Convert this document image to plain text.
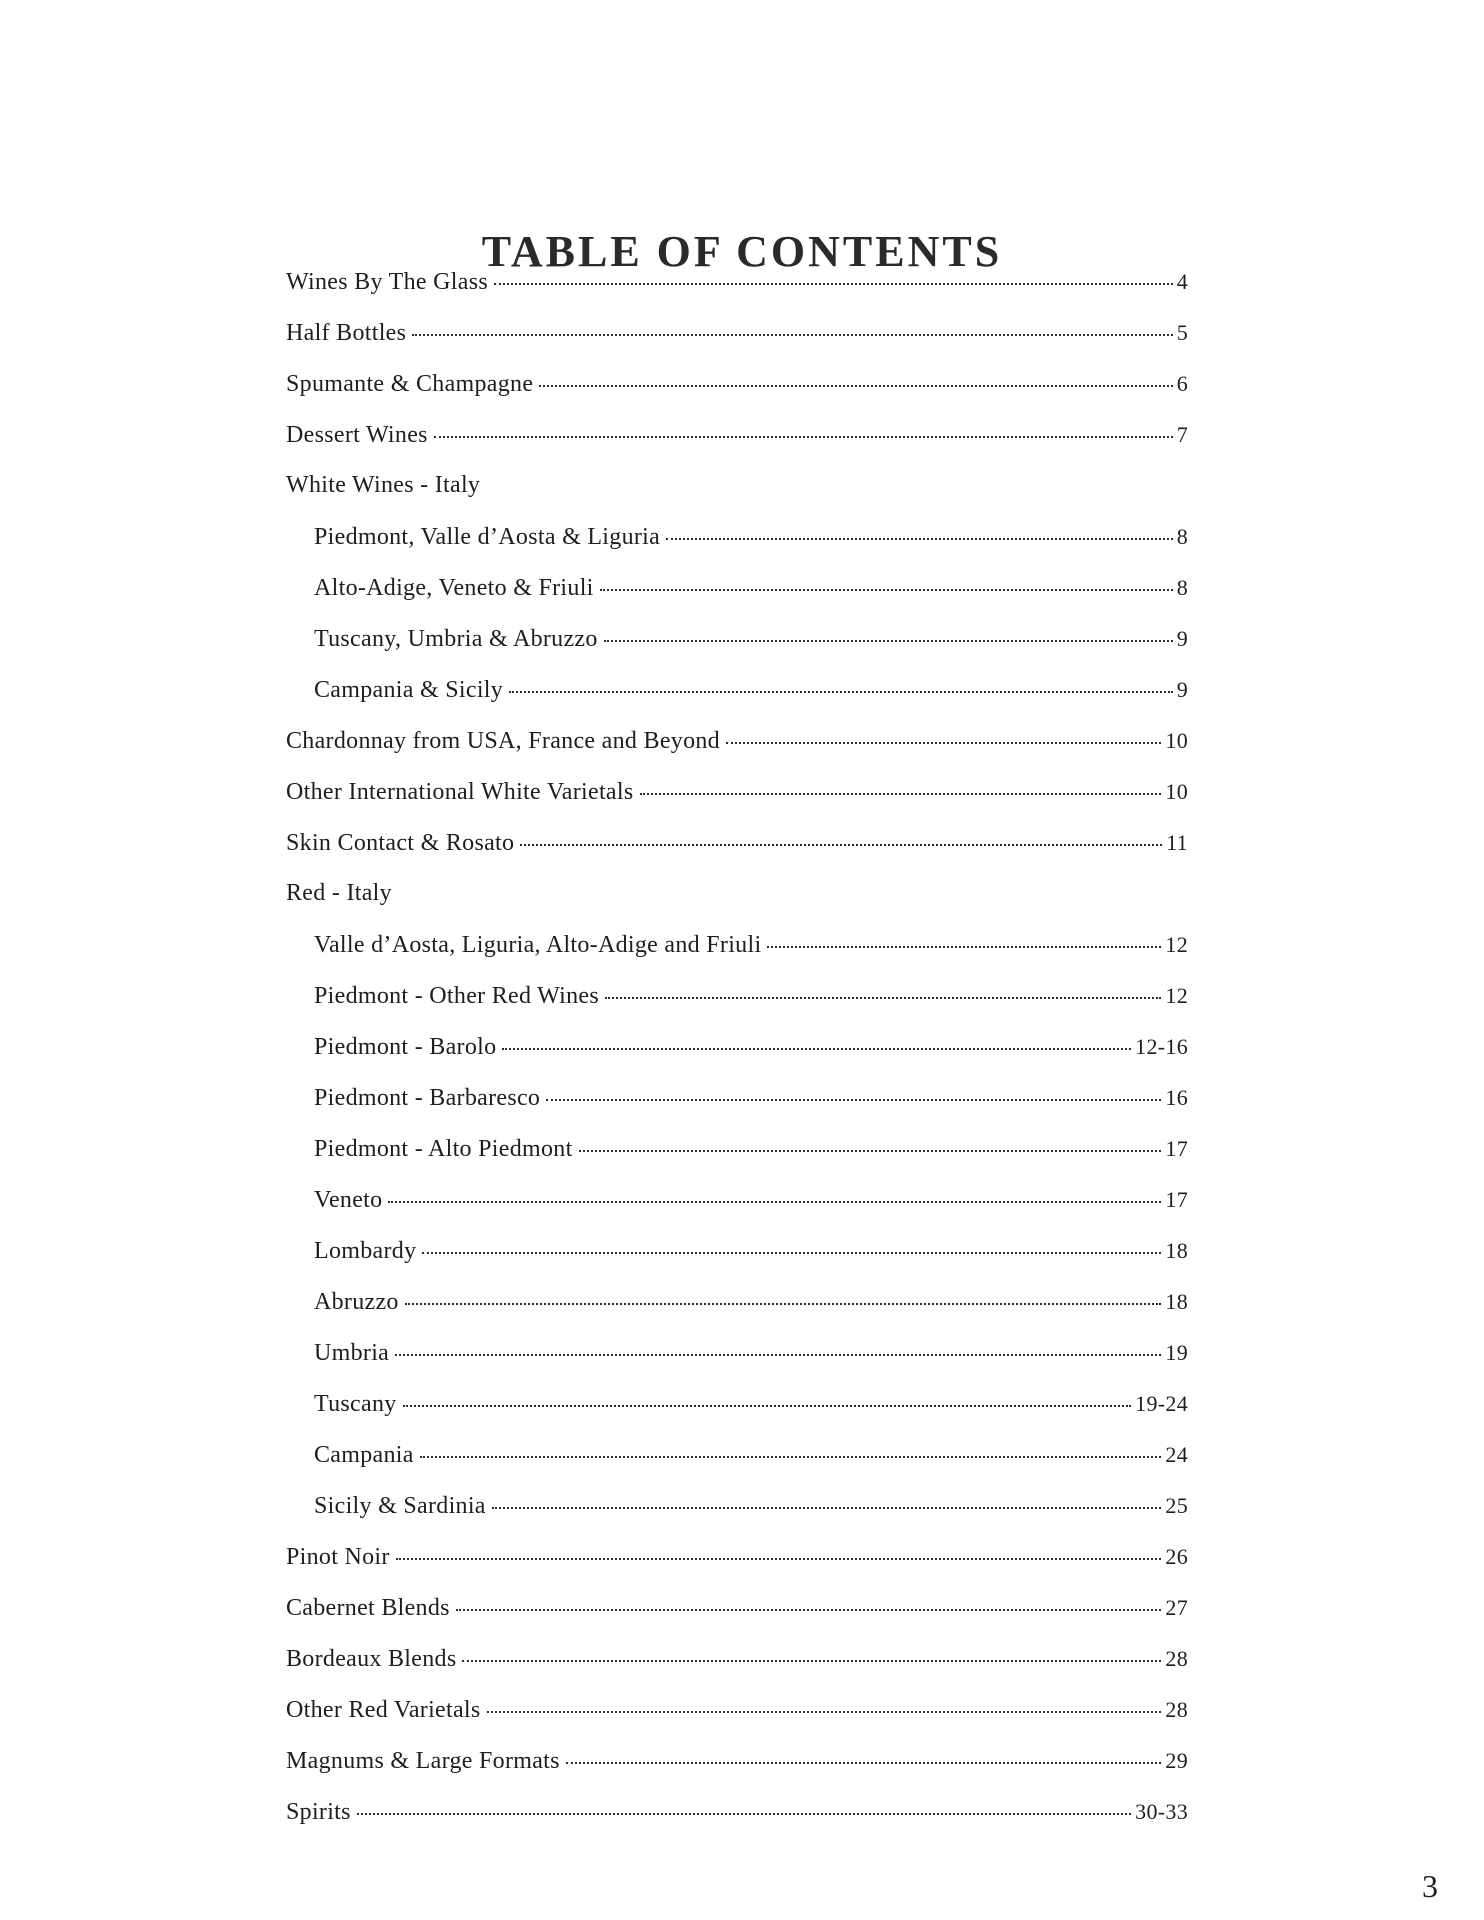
TABLE OF CONTENTS
Wines By The Glass	4
Half Bottles	5
Spumante & Champagne	6
Dessert Wines	7
White Wines - Italy
Piedmont, Valle d’Aosta & Liguria	8
Alto-Adige, Veneto & Friuli	8
Tuscany, Umbria & Abruzzo	9
Campania & Sicily	9
Chardonnay from USA, France and Beyond	10
Other International White Varietals	10
Skin Contact & Rosato	11
Red - Italy
Valle d’Aosta, Liguria, Alto-Adige and Friuli	12
Piedmont - Other Red Wines	12
Piedmont - Barolo	12-16
Piedmont - Barbaresco	16
Piedmont - Alto Piedmont	17
Veneto	17
Lombardy	18
Abruzzo	18
Umbria	19
Tuscany	19-24
Campania	24
Sicily & Sardinia	25
Pinot Noir	26
Cabernet Blends	27
Bordeaux Blends	28
Other Red Varietals	28
Magnums & Large Formats	29
Spirits	30-33
3
